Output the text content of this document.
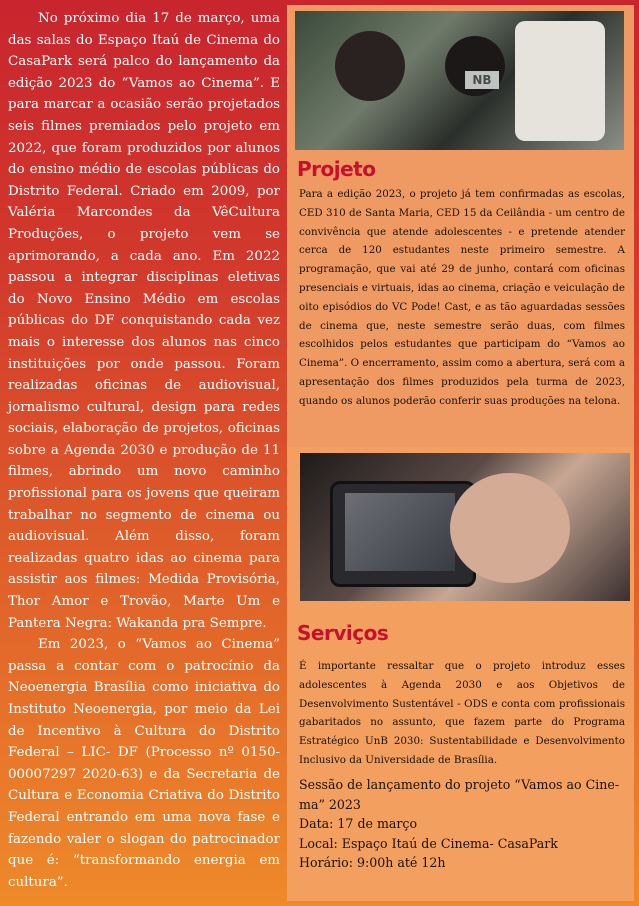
No próximo dia 17 de março, uma das salas do Espaço Itaú de Cinema do CasaPark será palco do lançamento da edição 2023 do “Vamos ao Cinema”. E para marcar a ocasião serão projetados seis filmes premiados pelo projeto em 2022, que foram produzidos por alunos do ensino médio de escolas públicas do Distrito Federal. Criado em 2009, por Valéria Marcondes da VêCultura Produções, o projeto vem se aprimorando, a cada ano. Em 2022 passou a integrar disciplinas eletivas do Novo Ensino Médio em escolas públicas do DF conquistando cada vez mais o interesse dos alunos nas cinco instituições por onde passou. Foram realizadas oficinas de audiovisual, jornalismo cultural, design para redes sociais, elaboração de projetos, oficinas sobre a Agenda 2030 e produção de 11 filmes, abrindo um novo caminho profissional para os jovens que queiram trabalhar no segmento de cinema ou audiovisual. Além disso, foram realizadas quatro idas ao cinema para assistir aos filmes: Medida Provisória, Thor Amor e Trovão, Marte Um e Pantera Negra: Wakanda pra Sempre.

Em 2023, o “Vamos ao Cinema” passa a contar com o patrocínio da Neoenergia Brasília como iniciativa do Instituto Neoenergia, por meio da Lei de Incentivo à Cultura do Distrito Federal – LIC- DF (Processo nº 0150-00007297 2020-63) e da Secretaria de Cultura e Economia Criativa do Distrito Federal entrando em uma nova fase e fazendo valer o slogan do patrocinador que é: “transformando energia em cultura”.

NB
Projeto
Para a edição 2023, o projeto já tem confirmadas as escolas, CED 310 de Santa Maria, CED 15 da Ceilândia - um centro de convivência que atende adolescentes - e pretende atender cerca de 120 estudantes neste primeiro semestre. A programação, que vai até 29 de junho, contará com oficinas presenciais e virtuais, idas ao cinema, criação e veiculação de oito episódios do VC Pode! Cast, e as tão aguardadas sessões de cinema que, neste semestre serão duas, com filmes escolhidos pelos estudantes que participam do “Vamos ao Cinema”. O encerramento, assim como a abertura, será com a apresentação dos filmes produzidos pela turma de 2023, quando os alunos poderão conferir suas produções na telona.
Serviços
É importante ressaltar que o projeto introduz esses adolescentes à Agenda 2030 e aos Objetivos de Desenvolvimento Sustentável - ODS e conta com profissionais gabaritados no assunto, que fazem parte do Programa Estratégico UnB 2030: Sustentabilidade e Desenvolvimento Inclusivo da Universidade de Brasília.
Sessão de lançamento do projeto “Vamos ao Cine-
ma” 2023
Data: 17 de março
Local: Espaço Itaú de Cinema- CasaPark
Horário: 9:00h até 12h
